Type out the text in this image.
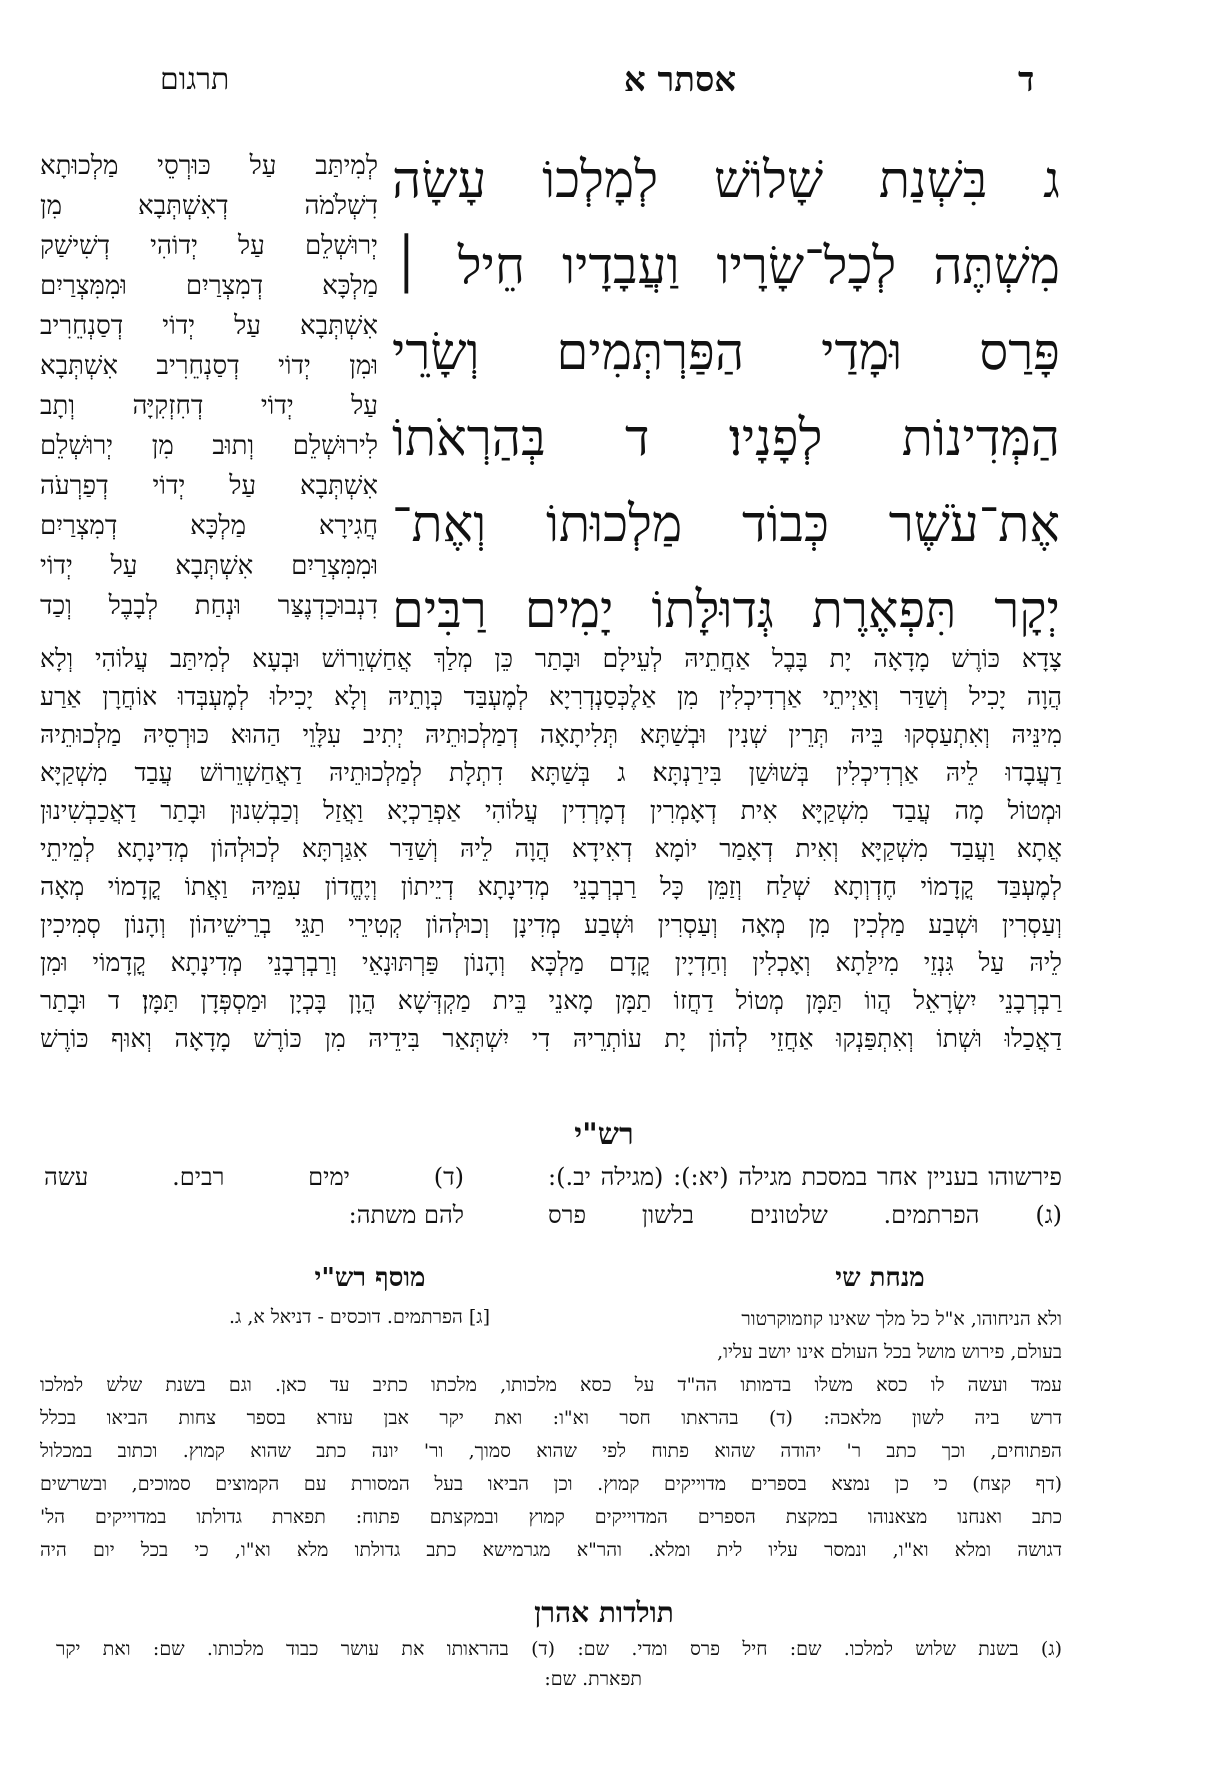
ד
אסתר א
תרגום
ג בִּשְׁנַת שָׁלוֹשׁ לְמָלְכוֹ עָשָׂה
מִשְׁתֶּה לְכָל־שָׂרָיו וַעֲבָדָיו חֵיל ׀
פָּרַס וּמָדַי הַפַּרְתְּמִים וְשָׂרֵי
הַמְּדִינוֹת לְפָנָיו׃ ד בְּהַרְאֹתוֹ
אֶת־עֹשֶׁר כְּבוֹד מַלְכוּתוֹ וְאֶת־
יְקָר תִּפְאֶרֶת גְּדוּלָּתוֹ יָמִים רַבִּים
לְמִיתַּב עַל כּוּרְסֵי מַלְכוּתָא
דִשְׁלֹמֹה דְאִשְׁתְּבָא מִן
יְרוּשְׁלֵם עַל יְדוֹהִי דְשִׁישַׁק
מַלְכָּא דְמִצְרַיִם וּמִמִּצְרַיִם
אִשְׁתְּבָא עַל יְדוֹי דְסַנְחֵרִיב
וּמִן יְדוֹי דְסַנְחֵרִיב אִשְׁתְּבָא
עַל יְדוֹי דְחִזְקִיָּה וְתָב
לִירוּשְׁלֵם וְתוּב מִן יְרוּשְׁלֵם
אִשְׁתְּבָא עַל יְדוֹי דְפַרְעֹה
חֲגִירָא מַלְכָּא דְמִצְרַיִם
וּמִמִּצְרַיִם אִשְׁתְּבָא עַל יְדוֹי
דִנְבוּכַדְנֶצַּר וּנְחַת לְבָבֶל וְכַד
צָדָא כּוֹרֶשׁ מָדָאָה יָת בָּבֶל אַחֲתֵיהּ לְעֵילָם וּבָתַר כֵּן מְלַךְ אֲחַשְׁוֵרוֹשׁ וּבְעָא לְמִיתַּב עֲלוֹהִי וְלָא
הֲוָה יָכִיל וְשַׁדַּר וְאַיְיתֵי אַרְדִיכְלִין מִן אַלֶכְּסַנְדְרִיָא לְמֶעְבַּד כְּוָתֵיהּ וְלָא יָכִילוּ לְמֶעְבְּדוּ אוֹחֲרָן אַרַע
מִינֵּיהּ וְאִתְעַסְקוּ בֵּיהּ תְּרֵין שְׁנִין וּבְשַׁתָּא תְּלִיתָאָה דְמַלְכוּתֵיהּ יְתִיב עִלָּוֵי הַהוּא כּוּרְסֵיהּ מַלְכוּתֵיהּ
דַעֲבָדוּ לֵיהּ אַרְדִיכְלִין בְּשׁוּשַׁן בִּירַנְתָּא׃ ג בְּשַׁתָּא דִתְלָת לְמַלְכוּתֵיהּ דַאֲחַשְׁוֵרוֹשׁ עֲבַד מִשְׁקַיָּא
וּמְטוֹל מָה עֲבַד מִשְׁקַיָּא אִית דְאָמְרִין דְמָרְדִין עֲלוֹהִי אַפְרַכְיָא וַאֲזַל וְכַבְשִׁנוּן וּבָתַר דַאֲכַבְשִׁינוּן
אֲתָא וַעֲבַד מִשְׁקַיָּא וְאִית דְאָמַר יוֹמָא דְאִידָא הֲוָה לֵיהּ וְשַׁדַּר אִגַּרְתָּא לְכוּלְהוֹן מְדִינָתָא לְמֵיתֵי
לְמֶעְבַּד קֳדָמוֹי חֶדְוְתָא שְׁלַח וְזַמֵּן כָּל רַבְרְבָנֵי מְדִינָתָא דְיֵיתוֹן וְיֶחֱדוֹן עִמֵּיהּ וַאֲתוֹ קֳדָמוֹי מְאָה
וְעַסְרִין וּשְׁבַע מַלְכִין מִן מְאָה וְעַסְרִין וּשְׁבַע מְדִינָן וְכוּלְהוֹן קְטִירֵי תַגֵּי בְרֵישֵׁיהוֹן וְהָנוֹן סְמִיכִין
לֵיהּ עַל גִּנְזֵי מִילַּתָא וְאָכְלִין וְחַדְיָין קֳדָם מַלְכָּא וְהָנוֹן פַּרְתּוּנָאֵי וְרַבְרְבָנֵי מְדִינָתָא קֳדָמוֹי וּמִן
רַבְרְבָנֵי יִשְׂרָאֵל הֲווֹ תַּמָּן מְטוֹל דַחֲזוֹ תַמָּן מָאנֵי בֵּית מַקְדְּשָׁא הֲוָן בָּכְיָן וּמַסְפְּדָן תַּמָּן׃ ד וּבָתַר
דַאֲכַלוּ וּשְׁתוֹ וְאִתְפַּנְקוּ אַחֲזֵי לְהוֹן יָת עוֹתְרֵיהּ דִי יִשְׁתְּאַר בִּידֵיהּ מִן כּוֹרֶשׁ מָדָאָה וְאוּף כּוֹרֶשׁ
רש"י
פירשוהו בעניין אחר במסכת מגילה (יא:): (מגילה יב.):
(ג) הפרתמים. שלטונים בלשון פרס
(ד) ימים רבים. עשה
להם משתה:
מנחת שי
מוסף רש"י
[ג] הפרתמים. דוכסים - דניאל א, ג.	ולא הניחוהו, א"ל כל מלך שאינו קוזמוקרטור
בעולם, פירוש מושל בכל העולם אינו יושב עליו,
עמד ועשה לו כסא משלו בדמותו הה"ד על כסא מלכותו, מלכתו כתיב עד כאן. וגם בשנת שלש למלכו
דרש ביה לשון מלאכה: (ד) בהראתו חסר וא"ו: ואת יקר אבן עזרא בספר צחות הביאו בכלל
הפתוחים, וכך כתב ר' יהודה שהוא פתוח לפי שהוא סמוך, ור' יונה כתב שהוא קמוץ. וכתוב במכלול
(דף קצח) כי כן נמצא בספרים מדוייקים קמוץ. וכן הביאו בעל המסורת עם הקמוצים סמוכים, ובשרשים
כתב ואנחנו מצאנוהו במקצת הספרים המדוייקים קמוץ ובמקצתם פתוח: תפארת גדולתו במדוייקים הל'
דגושה ומלא וא"ו, ונמסר עליו לית ומלא. והר"א מגרמישא כתב גדולתו מלא וא"ו, כי בכל יום היה
תולדות אהרן
(ג) בשנת שלוש למלכו. שם: חיל פרס ומדי. שם: (ד) בהראותו את עושר כבוד מלכותו. שם: ואת יקר
תפארת. שם:
